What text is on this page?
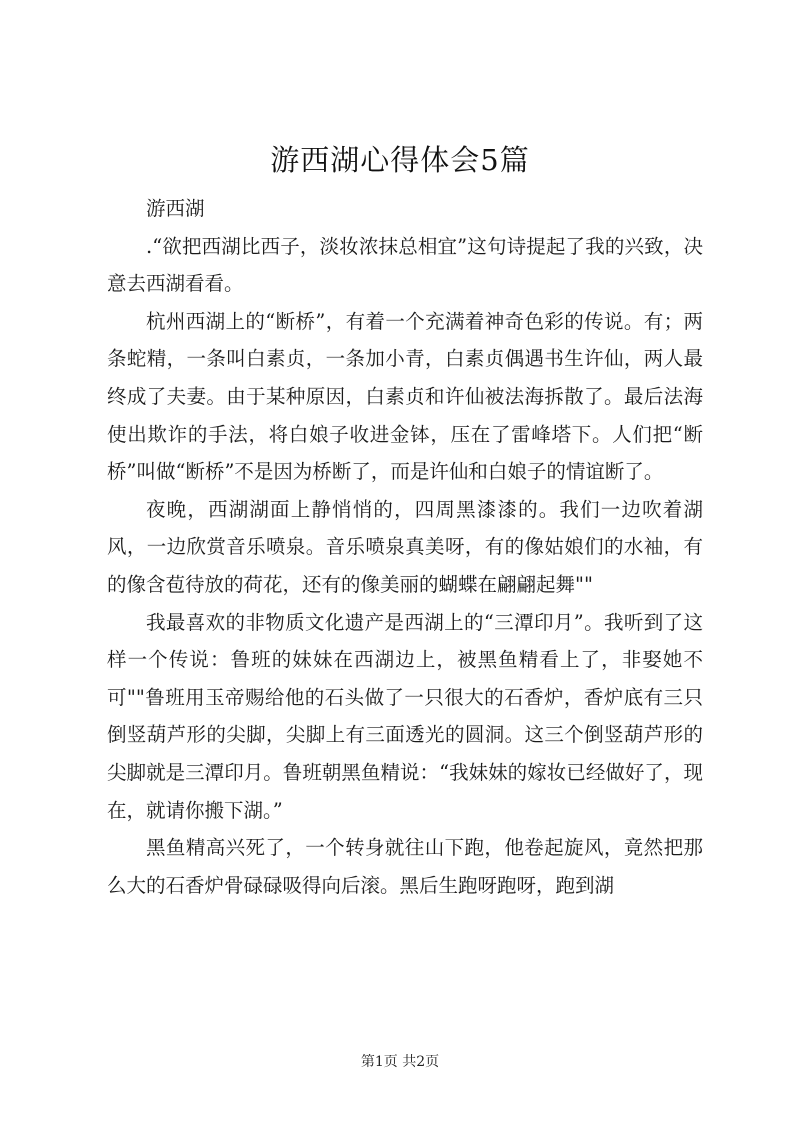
游西湖心得体会5篇

游西湖

.“欲把西湖比西子，淡妆浓抹总相宜”这句诗提起了我的兴致，决意去西湖看看。

杭州西湖上的“断桥”，有着一个充满着神奇色彩的传说。有；两条蛇精，一条叫白素贞，一条加小青，白素贞偶遇书生许仙，两人最终成了夫妻。由于某种原因，白素贞和许仙被法海拆散了。最后法海使出欺诈的手法，将白娘子收进金钵，压在了雷峰塔下。人们把“断桥”叫做“断桥”不是因为桥断了，而是许仙和白娘子的情谊断了。

夜晚，西湖湖面上静悄悄的，四周黑漆漆的。我们一边吹着湖风，一边欣赏音乐喷泉。音乐喷泉真美呀，有的像姑娘们的水袖，有的像含苞待放的荷花，还有的像美丽的蝴蝶在翩翩起舞""

我最喜欢的非物质文化遗产是西湖上的“三潭印月”。我听到了这样一个传说：鲁班的妹妹在西湖边上，被黑鱼精看上了，非娶她不可""鲁班用玉帝赐给他的石头做了一只很大的石香炉，香炉底有三只倒竖葫芦形的尖脚，尖脚上有三面透光的圆洞。这三个倒竖葫芦形的尖脚就是三潭印月。鲁班朝黑鱼精说：“我妹妹的嫁妆已经做好了，现在，就请你搬下湖。”

黑鱼精高兴死了，一个转身就往山下跑，他卷起旋风，竟然把那么大的石香炉骨碌碌吸得向后滚。黑后生跑呀跑呀，跑到湖

第1页 共2页
